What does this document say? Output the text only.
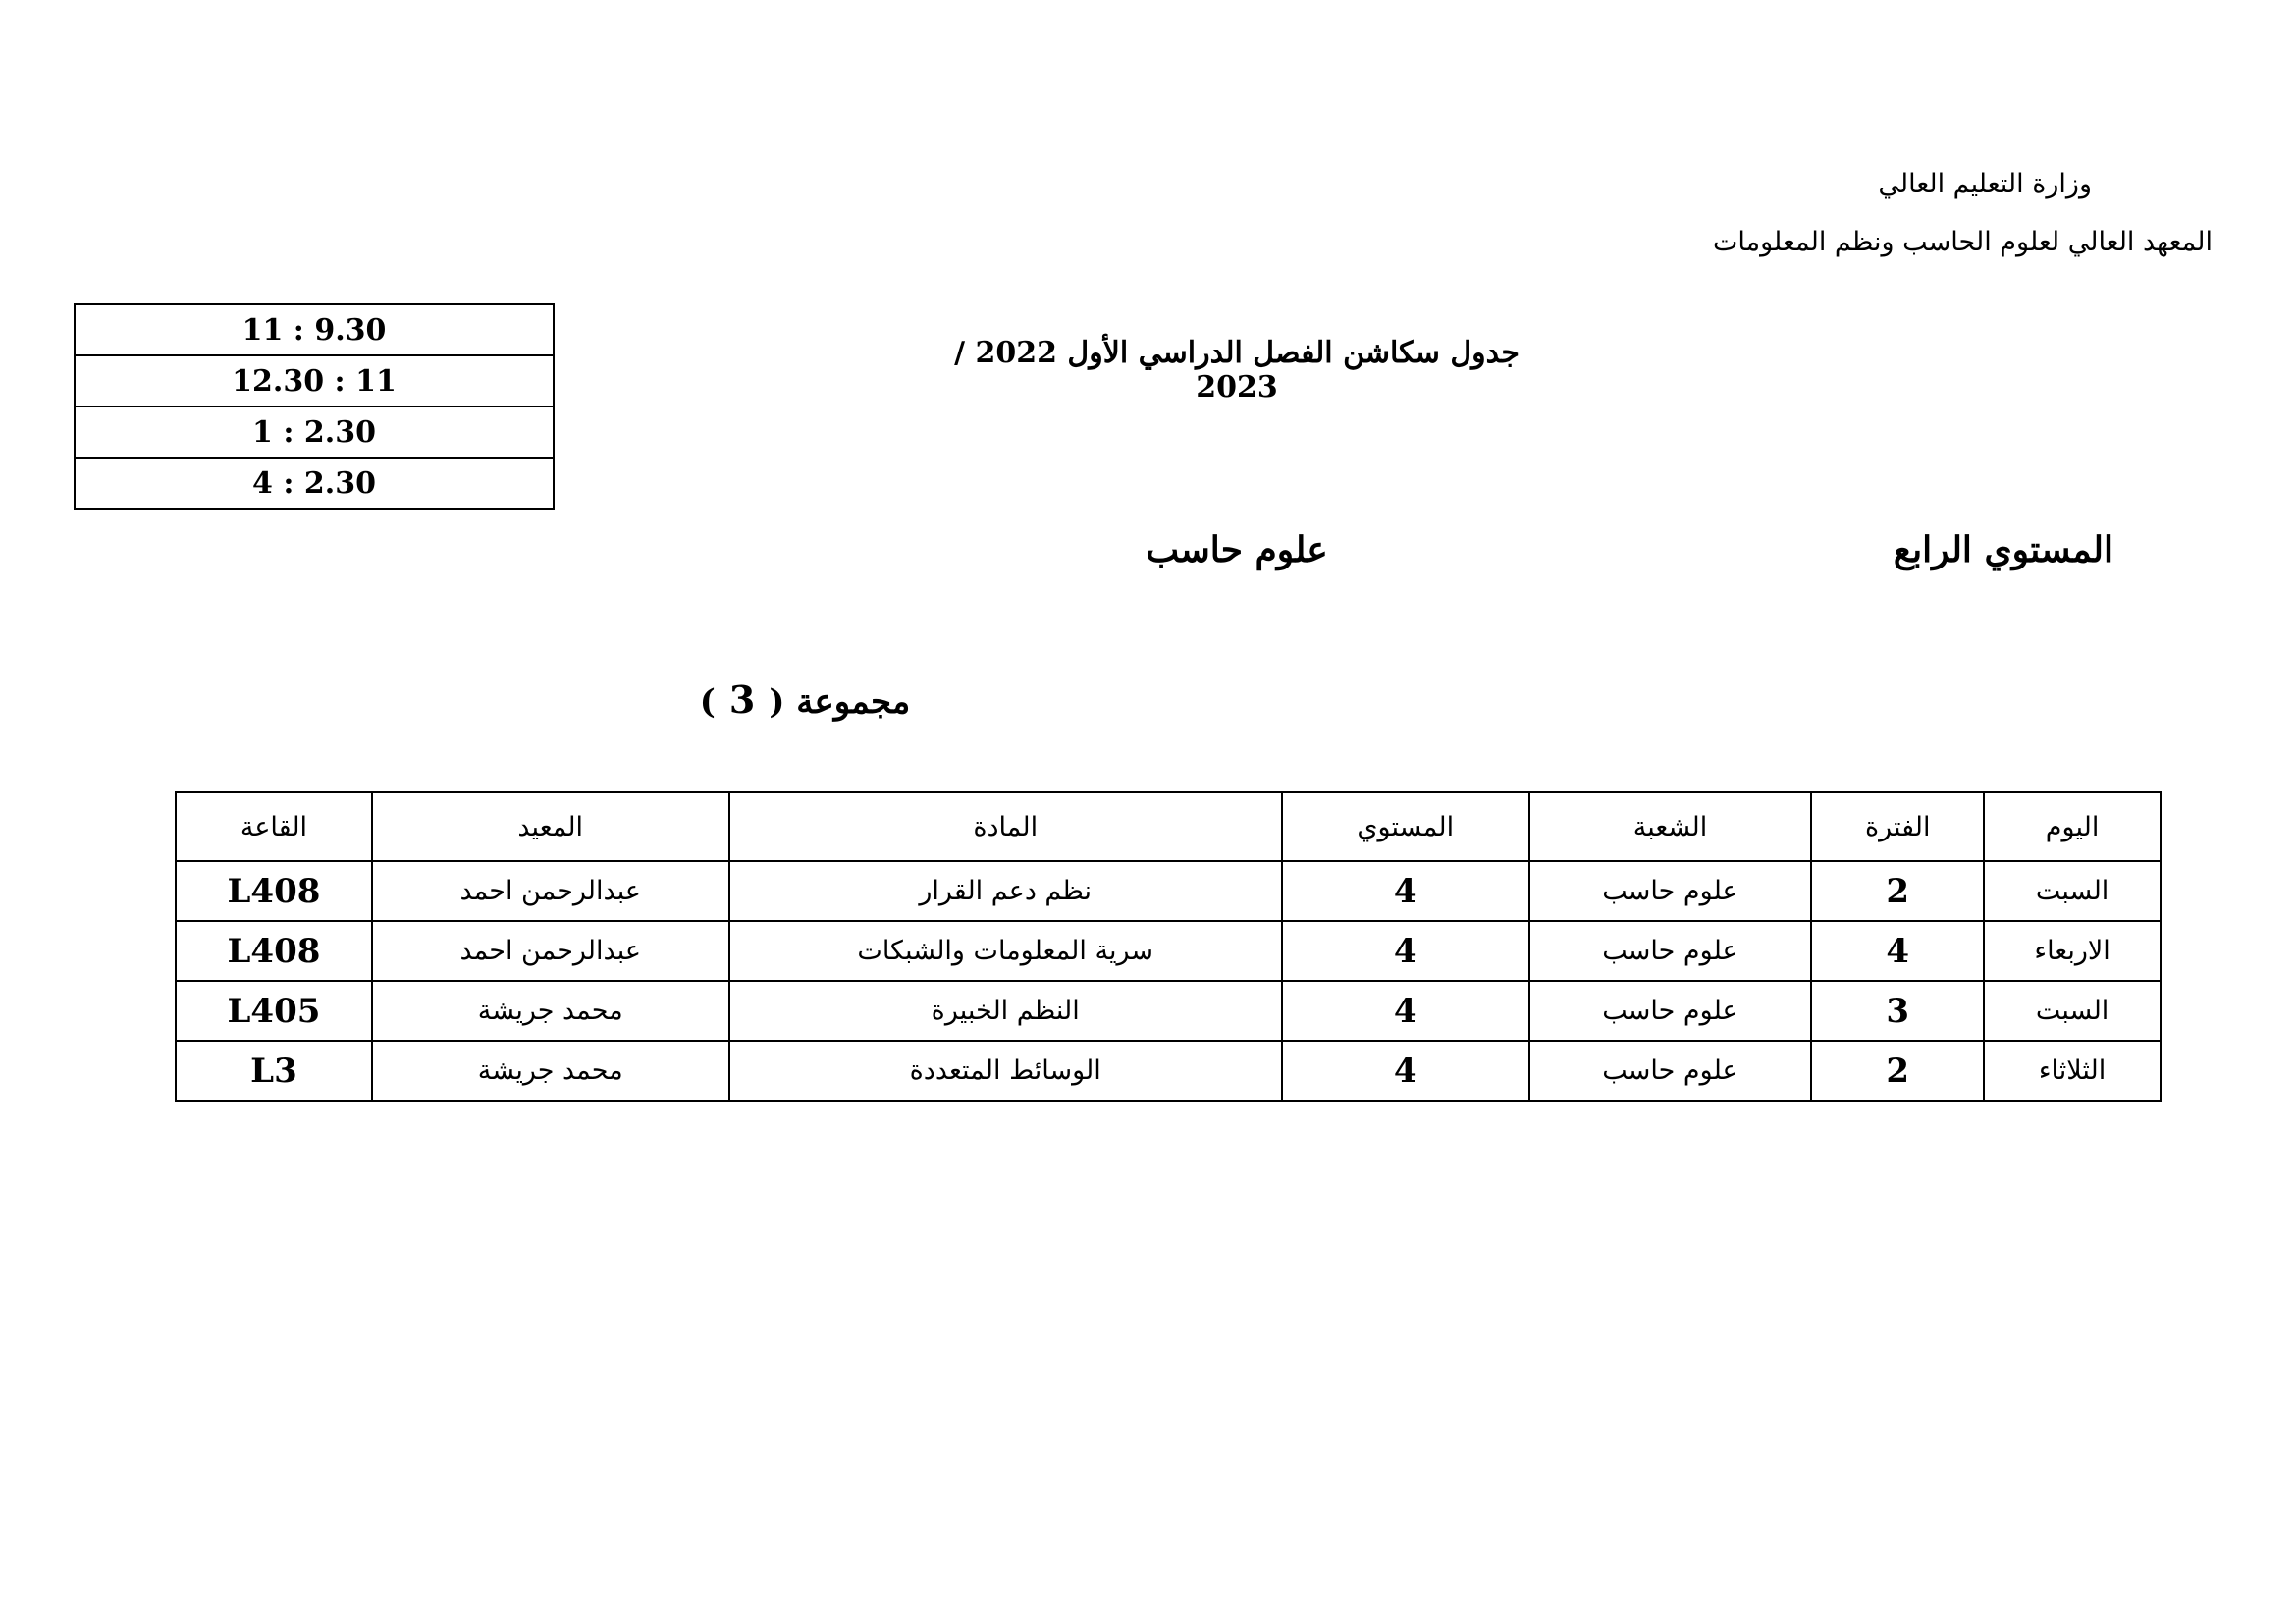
وزارة التعليم العالي
المعهد العالي لعلوم الحاسب ونظم المعلومات
11 : 9.30
12.30 : 11
1 : 2.30
4 : 2.30
جدول سكاشن الفصل الدراسي الأول 2022 / 2023
المستوي الرابع
علوم حاسب
مجموعة (3)
اليوم	الفترة	الشعبة	المستوي	المادة	المعيد	القاعة
السبت	2	علوم حاسب	4	نظم دعم القرار	عبدالرحمن احمد	L408
الاربعاء	4	علوم حاسب	4	سرية المعلومات والشبكات	عبدالرحمن احمد	L408
السبت	3	علوم حاسب	4	النظم الخبيرة	محمد جريشة	L405
الثلاثاء	2	علوم حاسب	4	الوسائط المتعددة	محمد جريشة	L3
